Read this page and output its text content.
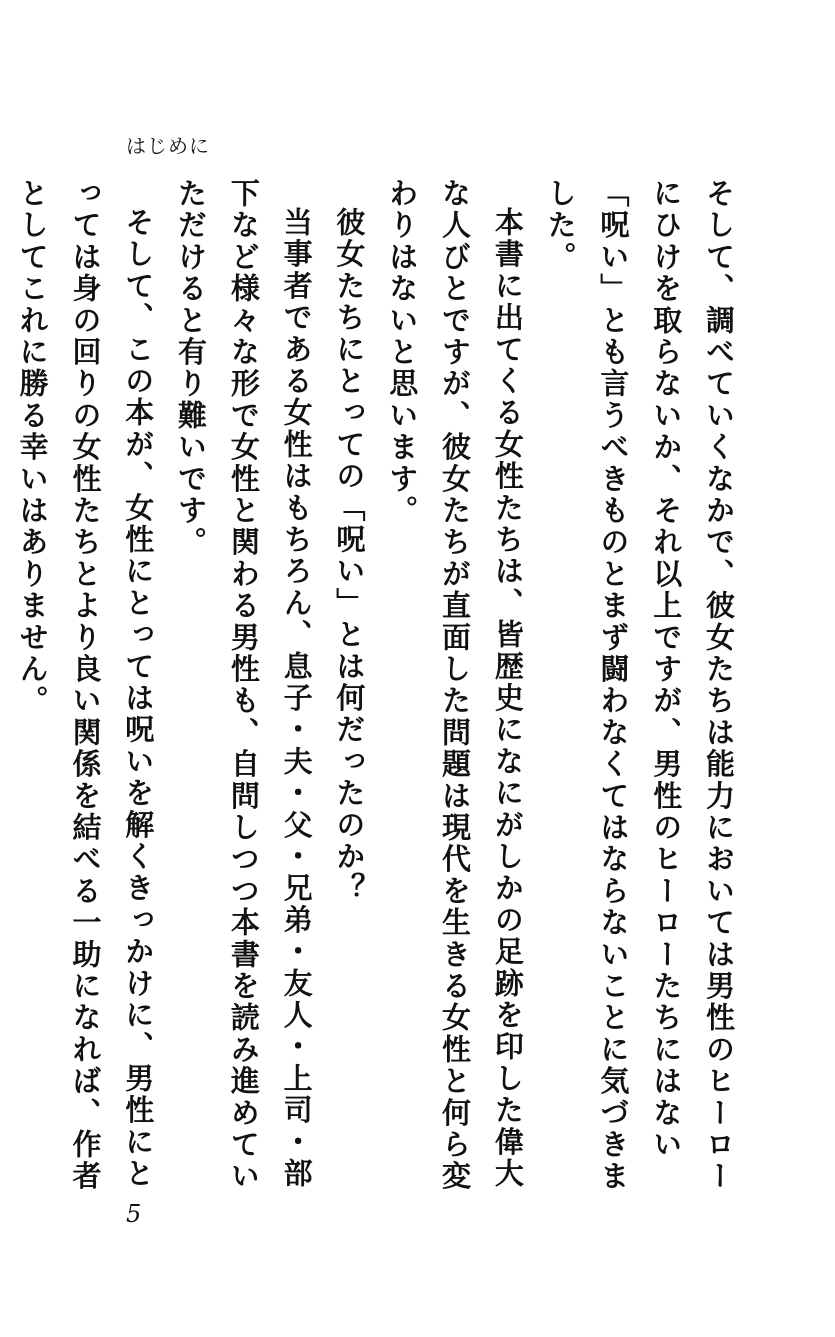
はじめに

そして、調べていくなかで、彼女たちは能力においては男性のヒーローにひけを取らないか、それ以上ですが、男性のヒーローたちにはない「呪い」とも言うべきものとまず闘わなくてはならないことに気づきました。

本書に出てくる女性たちは、皆歴史になにがしかの足跡を印した偉大な人びとですが、彼女たちが直面した問題は現代を生きる女性と何ら変わりはないと思います。

彼女たちにとっての「呪い」とは何だったのか？

当事者である女性はもちろん、息子・夫・父・兄弟・友人・上司・部下など様々な形で女性と関わる男性も、自問しつつ本書を読み進めていただけると有り難いです。

そして、この本が、女性にとっては呪いを解くきっかけに、男性にとっては身の回りの女性たちとより良い関係を結べる一助になれば、作者としてこれに勝る幸いはありません。

5
